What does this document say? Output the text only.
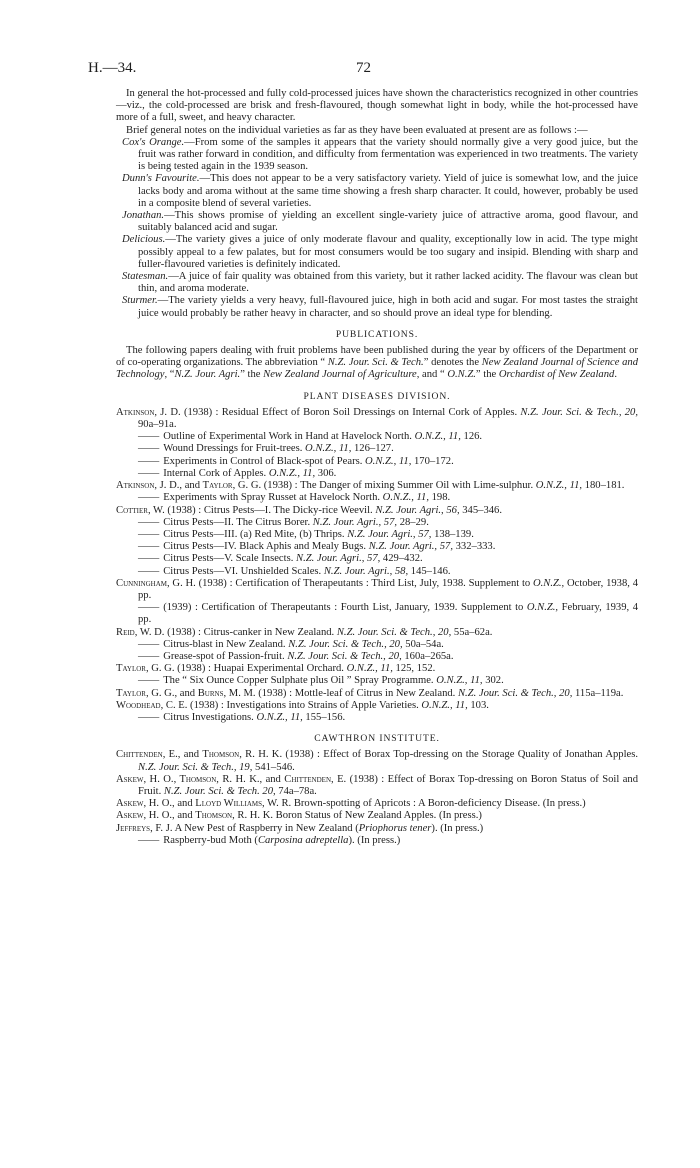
H.—34.	72

In general the hot-processed and fully cold-processed juices have shown the characteristics recognized in other countries—viz., the cold-processed are brisk and fresh-flavoured, though somewhat light in body, while the hot-processed have more of a full, sweet, and heavy character.

Brief general notes on the individual varieties as far as they have been evaluated at present are as follows :—

Cox's Orange.—From some of the samples it appears that the variety should normally give a very good juice, but the fruit was rather forward in condition, and difficulty from fermentation was experienced in two treatments. The variety is being tested again in the 1939 season.

Dunn's Favourite.—This does not appear to be a very satisfactory variety. Yield of juice is somewhat low, and the juice lacks body and aroma without at the same time showing a fresh sharp character. It could, however, probably be used in a composite blend of several varieties.

Jonathan.—This shows promise of yielding an excellent single-variety juice of attractive aroma, good flavour, and suitably balanced acid and sugar.

Delicious.—The variety gives a juice of only moderate flavour and quality, exceptionally low in acid. The type might possibly appeal to a few palates, but for most consumers would be too sugary and insipid. Blending with sharp and fuller-flavoured varieties is definitely indicated.

Statesman.—A juice of fair quality was obtained from this variety, but it rather lacked acidity. The flavour was clean but thin, and aroma moderate.

Sturmer.—The variety yields a very heavy, full-flavoured juice, high in both acid and sugar. For most tastes the straight juice would probably be rather heavy in character, and so should prove an ideal type for blending.

PUBLICATIONS.

The following papers dealing with fruit problems have been published during the year by officers of the Department or of co-operating organizations. The abbreviation “ N.Z. Jour. Sci. & Tech.” denotes the New Zealand Journal of Science and Technology, “N.Z. Jour. Agri.” the New Zealand Journal of Agriculture, and “ O.N.Z.” the Orchardist of New Zealand.

PLANT DISEASES DIVISION.

Atkinson, J. D. (1938) : Residual Effect of Boron Soil Dressings on Internal Cork of Apples. N.Z. Jour. Sci. & Tech., 20, 90a–91a.

—— Outline of Experimental Work in Hand at Havelock North. O.N.Z., 11, 126.

—— Wound Dressings for Fruit-trees. O.N.Z., 11, 126–127.

—— Experiments in Control of Black-spot of Pears. O.N.Z., 11, 170–172.

—— Internal Cork of Apples. O.N.Z., 11, 306.

Atkinson, J. D., and Taylor, G. G. (1938) : The Danger of mixing Summer Oil with Lime-sulphur. O.N.Z., 11, 180–181.

—— Experiments with Spray Russet at Havelock North. O.N.Z., 11, 198.

Cottier, W. (1938) : Citrus Pests—I. The Dicky-rice Weevil. N.Z. Jour. Agri., 56, 345–346.

—— Citrus Pests—II. The Citrus Borer. N.Z. Jour. Agri., 57, 28–29.

—— Citrus Pests—III. (a) Red Mite, (b) Thrips. N.Z. Jour. Agri., 57, 138–139.

—— Citrus Pests—IV. Black Aphis and Mealy Bugs. N.Z. Jour. Agri., 57, 332–333.

—— Citrus Pests—V. Scale Insects. N.Z. Jour. Agri., 57, 429–432.

—— Citrus Pests—VI. Unshielded Scales. N.Z. Jour. Agri., 58, 145–146.

Cunningham, G. H. (1938) : Certification of Therapeutants : Third List, July, 1938. Supplement to O.N.Z., October, 1938, 4 pp.

—— (1939) : Certification of Therapeutants : Fourth List, January, 1939. Supplement to O.N.Z., February, 1939, 4 pp.

Reid, W. D. (1938) : Citrus-canker in New Zealand. N.Z. Jour. Sci. & Tech., 20, 55a–62a.

—— Citrus-blast in New Zealand. N.Z. Jour. Sci. & Tech., 20, 50a–54a.

—— Grease-spot of Passion-fruit. N.Z. Jour. Sci. & Tech., 20, 160a–265a.

Taylor, G. G. (1938) : Huapai Experimental Orchard. O.N.Z., 11, 125, 152.

—— The “ Six Ounce Copper Sulphate plus Oil ” Spray Programme. O.N.Z., 11, 302.

Taylor, G. G., and Burns, M. M. (1938) : Mottle-leaf of Citrus in New Zealand. N.Z. Jour. Sci. & Tech., 20, 115a–119a.

Woodhead, C. E. (1938) : Investigations into Strains of Apple Varieties. O.N.Z., 11, 103.

—— Citrus Investigations. O.N.Z., 11, 155–156.

CAWTHRON INSTITUTE.

Chittenden, E., and Thomson, R. H. K. (1938) : Effect of Borax Top-dressing on the Storage Quality of Jonathan Apples. N.Z. Jour. Sci. & Tech., 19, 541–546.

Askew, H. O., Thomson, R. H. K., and Chittenden, E. (1938) : Effect of Borax Top-dressing on Boron Status of Soil and Fruit. N.Z. Jour. Sci. & Tech. 20, 74a–78a.

Askew, H. O., and Lloyd Williams, W. R. Brown-spotting of Apricots : A Boron-deficiency Disease. (In press.)

Askew, H. O., and Thomson, R. H. K. Boron Status of New Zealand Apples. (In press.)

Jeffreys, F. J. A New Pest of Raspberry in New Zealand (Priophorus tener). (In press.)

—— Raspberry-bud Moth (Carposina adreptella). (In press.)
